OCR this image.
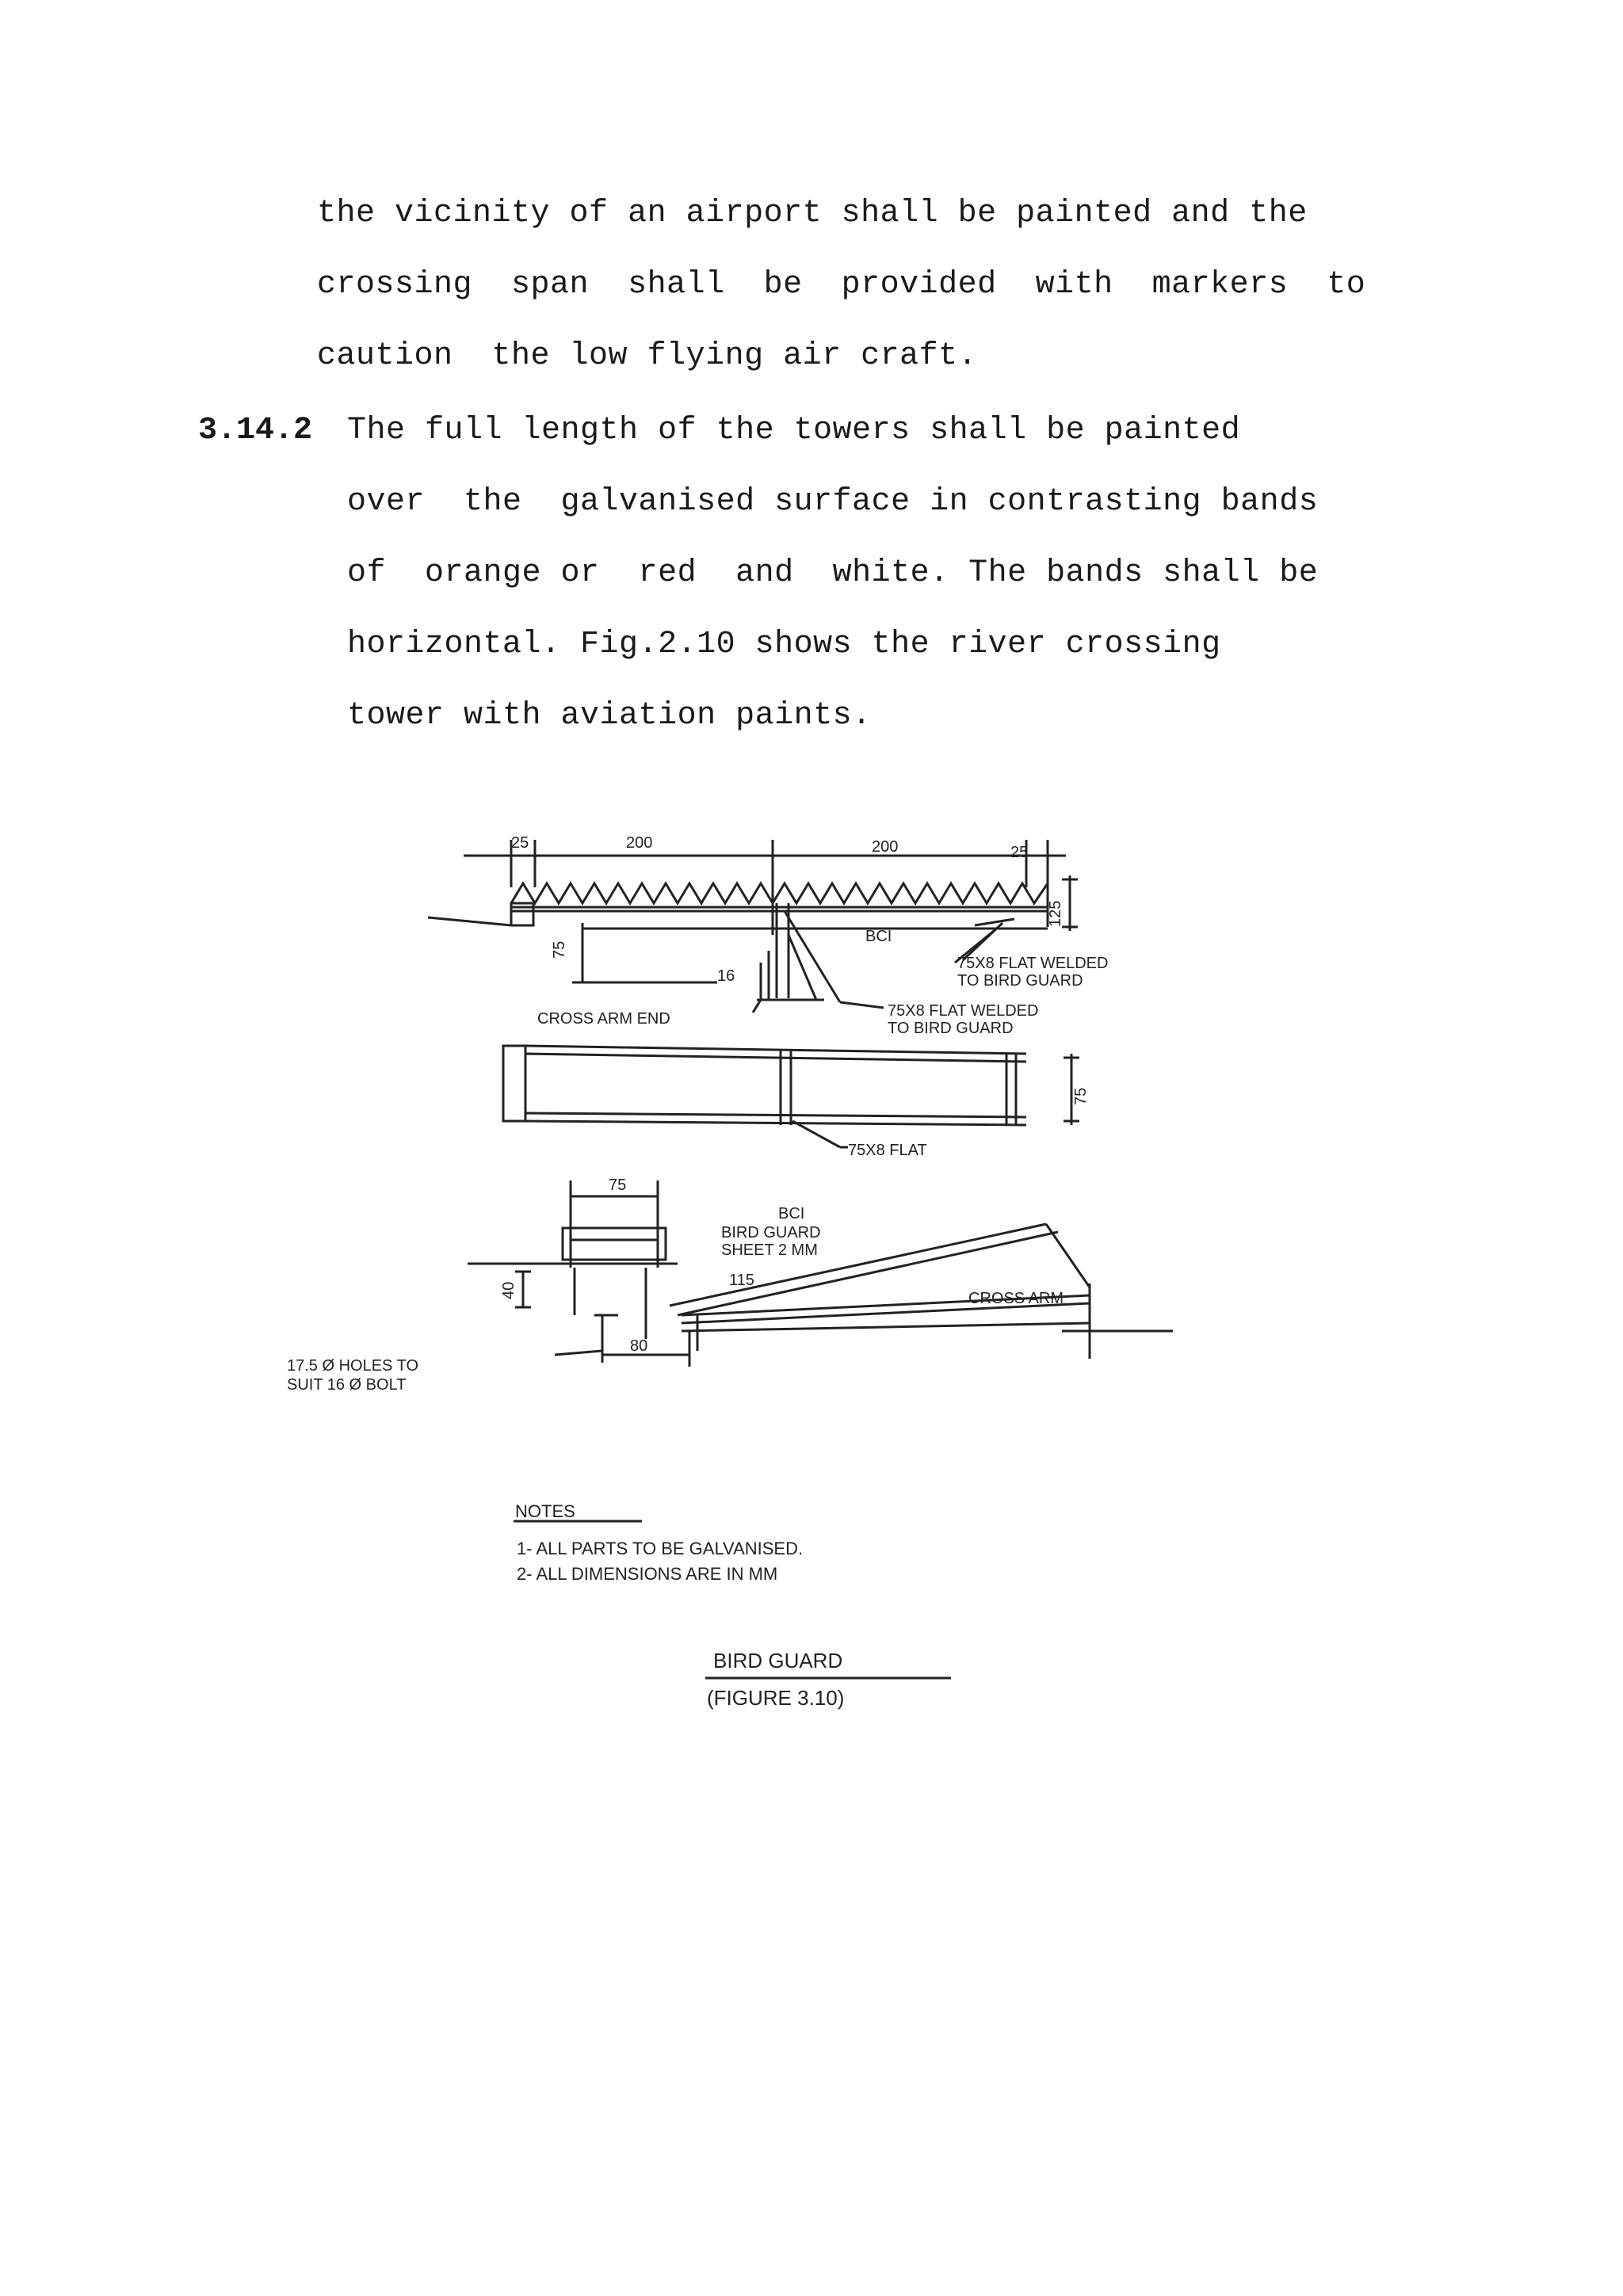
the vicinity of an airport shall be painted and the
crossing  span  shall  be  provided  with  markers  to
caution  the low flying air craft.
3.14.2 The full length of the towers shall be painted
over  the  galvanised surface in contrasting bands
of  orange or  red  and  white. The bands shall be
horizontal. Fig.2.10 shows the river crossing
tower with aviation paints.
25	200	200	25
75
16
125
BCI
75X8 FLAT WELDED
TO BIRD GUARD
CROSS ARM END	75X8 FLAT WELDED
TO BIRD GUARD
75X8 FLAT
75
75
BCI
BIRD GUARD
SHEET 2 MM
115
CROSS ARM
40
80
17.5 Ø HOLES TO
SUIT 16 Ø BOLT
NOTES
1- ALL PARTS TO BE GALVANISED.
2- ALL DIMENSIONS ARE IN MM
BIRD GUARD
(FIGURE 3.10)
